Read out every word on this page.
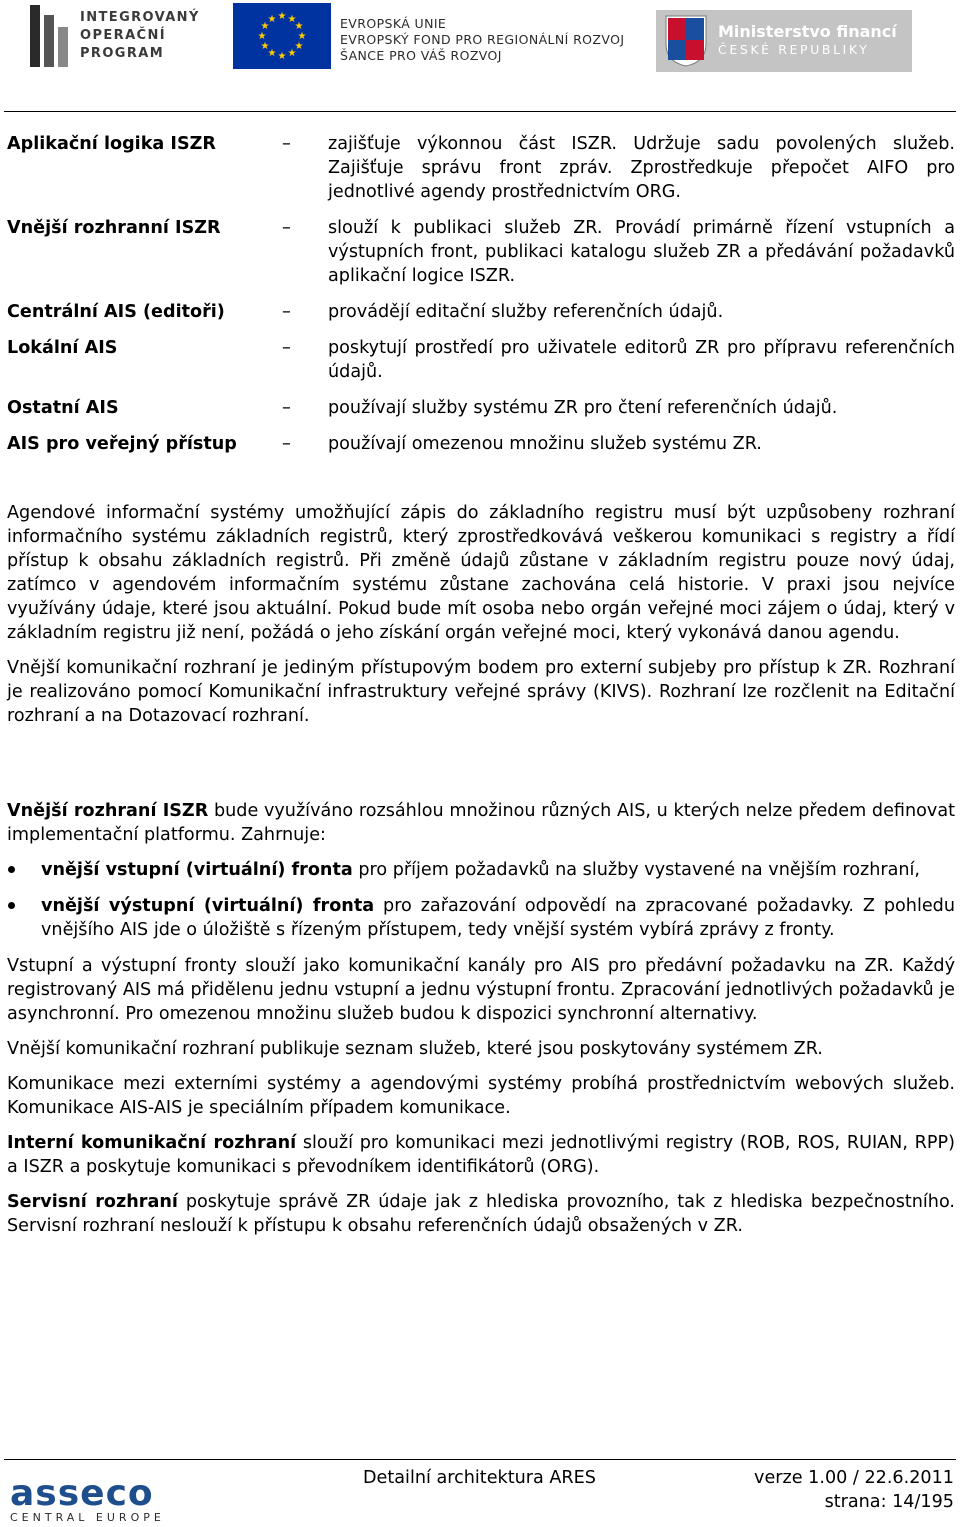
INTEGROVANÝ
OPERAČNÍ
PROGRAM
★ ★
★
★
★
★
★
★
★
★
★
★	EVROPSKÁ UNIE
EVROPSKÝ FOND PRO REGIONÁLNÍ ROZVOJ
ŠANCE PRO VÁŠ ROZVOJ
Ministerstvo financí
ČESKÉ REPUBLIKY
Aplikační logika ISZR	–	zajišťuje výkonnou část ISZR. Udržuje sadu povolených služeb. Zajišťuje správu front zpráv. Zprostředkuje přepočet AIFO pro jednotlivé agendy prostřednictvím ORG.
Vnější rozhranní ISZR	–	slouží k publikaci služeb ZR. Provádí primárně řízení vstupních a výstupních front, publikaci katalogu služeb ZR a předávání požadavků aplikační logice ISZR.
Centrální AIS (editoři)	–	provádějí editační služby referenčních údajů.
Lokální AIS	–	poskytují prostředí pro uživatele editorů ZR pro přípravu referenčních údajů.
Ostatní AIS	–	používají služby systému ZR pro čtení referenčních údajů.
AIS pro veřejný přístup	–	používají omezenou množinu služeb systému ZR.

Agendové informační systémy umožňující zápis do základního registru musí být uzpůsobeny rozhraní informačního systému základních registrů, který zprostředkovává veškerou komunikaci s registry a řídí přístup k obsahu základních registrů. Při změně údajů zůstane v základním registru pouze nový údaj, zatímco v agendovém informačním systému zůstane zachována celá historie. V praxi jsou nejvíce využívány údaje, které jsou aktuální. Pokud bude mít osoba nebo orgán veřejné moci zájem o údaj, který v základním registru již není, požádá o jeho získání orgán veřejné moci, který vykonává danou agendu.

Vnější komunikační rozhraní je jediným přístupovým bodem pro externí subjeby pro přístup k ZR. Rozhraní je realizováno pomocí Komunikační infrastruktury veřejné správy (KIVS). Rozhraní lze rozčlenit na Editační rozhraní a na Dotazovací rozhraní.

Vnější rozhraní ISZR bude využíváno rozsáhlou množinou různých AIS, u kterých nelze předem definovat implementační platformu. Zahrnuje:

vnější vstupní (virtuální) fronta pro příjem požadavků na služby vystavené na vnějším rozhraní,
vnější výstupní (virtuální) fronta pro zařazování odpovědí na zpracované požadavky. Z pohledu vnějšího AIS jde o úložiště s řízeným přístupem, tedy vnější systém vybírá zprávy z fronty.

Vstupní a výstupní fronty slouží jako komunikační kanály pro AIS pro předávní požadavku na ZR. Každý registrovaný AIS má přidělenu jednu vstupní a jednu výstupní frontu. Zpracování jednotlivých požadavků je asynchronní. Pro omezenou množinu služeb budou k dispozici synchronní alternativy.

Vnější komunikační rozhraní publikuje seznam služeb, které jsou poskytovány systémem ZR.

Komunikace mezi externími systémy a agendovými systémy probíhá prostřednictvím webových služeb. Komunikace AIS-AIS je speciálním případem komunikace.

Interní komunikační rozhraní slouží pro komunikaci mezi jednotlivými registry (ROB, ROS, RUIAN, RPP) a ISZR a poskytuje komunikaci s převodníkem identifikátorů (ORG).

Servisní rozhraní poskytuje správě ZR údaje jak z hlediska provozního, tak z hlediska bezpečnostního. Servisní rozhraní neslouží k přístupu k obsahu referenčních údajů obsažených v ZR.

asseco
CENTRAL EUROPE
Detailní architektura ARES	verze 1.00 / 22.6.2011
strana: 14/195
